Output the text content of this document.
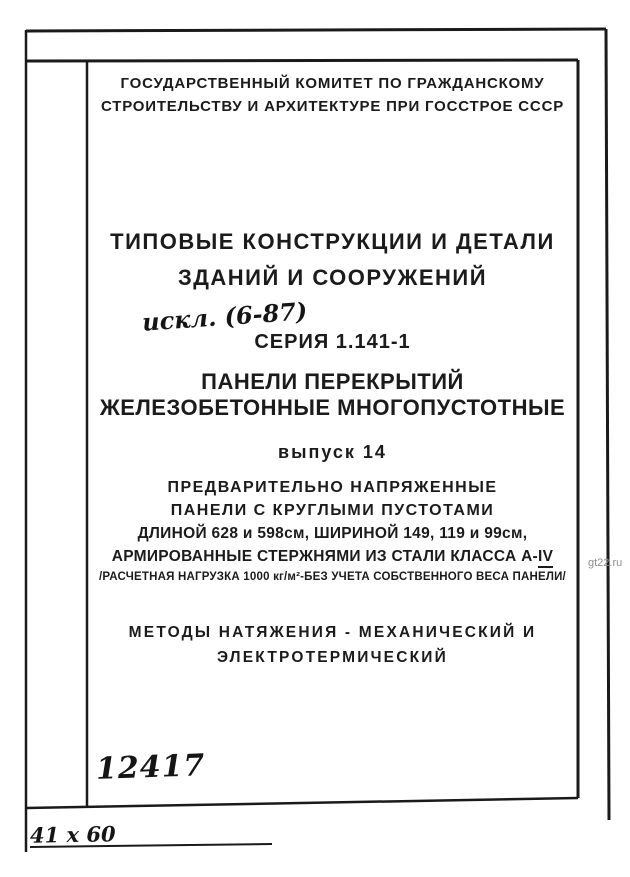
ГОСУДАРСТВЕННЫЙ КОМИТЕТ ПО ГРАЖДАНСКОМУ
СТРОИТЕЛЬСТВУ И АРХИТЕКТУРЕ ПРИ ГОССТРОЕ СССР
ТИПОВЫЕ КОНСТРУКЦИИ И ДЕТАЛИ
ЗДАНИЙ И СООРУЖЕНИЙ
искл. (6-87)
СЕРИЯ 1.141-1
ПАНЕЛИ ПЕРЕКРЫТИЙ
ЖЕЛЕЗОБЕТОННЫЕ МНОГОПУСТОТНЫЕ
выпуск 14
ПРЕДВАРИТЕЛЬНО НАПРЯЖЕННЫЕ
ПАНЕЛИ С КРУГЛЫМИ ПУСТОТАМИ
ДЛИНОЙ 628 и 598см, ШИРИНОЙ 149, 119 и 99см,
АРМИРОВАННЫЕ СТЕРЖНЯМИ ИЗ СТАЛИ КЛАССА А-IV
/РАСЧЕТНАЯ НАГРУЗКА 1000 кг/м²-БЕЗ УЧЕТА СОБСТВЕННОГО ВЕСА ПАНЕЛИ/
МЕТОДЫ НАТЯЖЕНИЯ - МЕХАНИЧЕСКИЙ И
ЭЛЕКТРОТЕРМИЧЕСКИЙ
12417
41 х 60
gt22.ru
